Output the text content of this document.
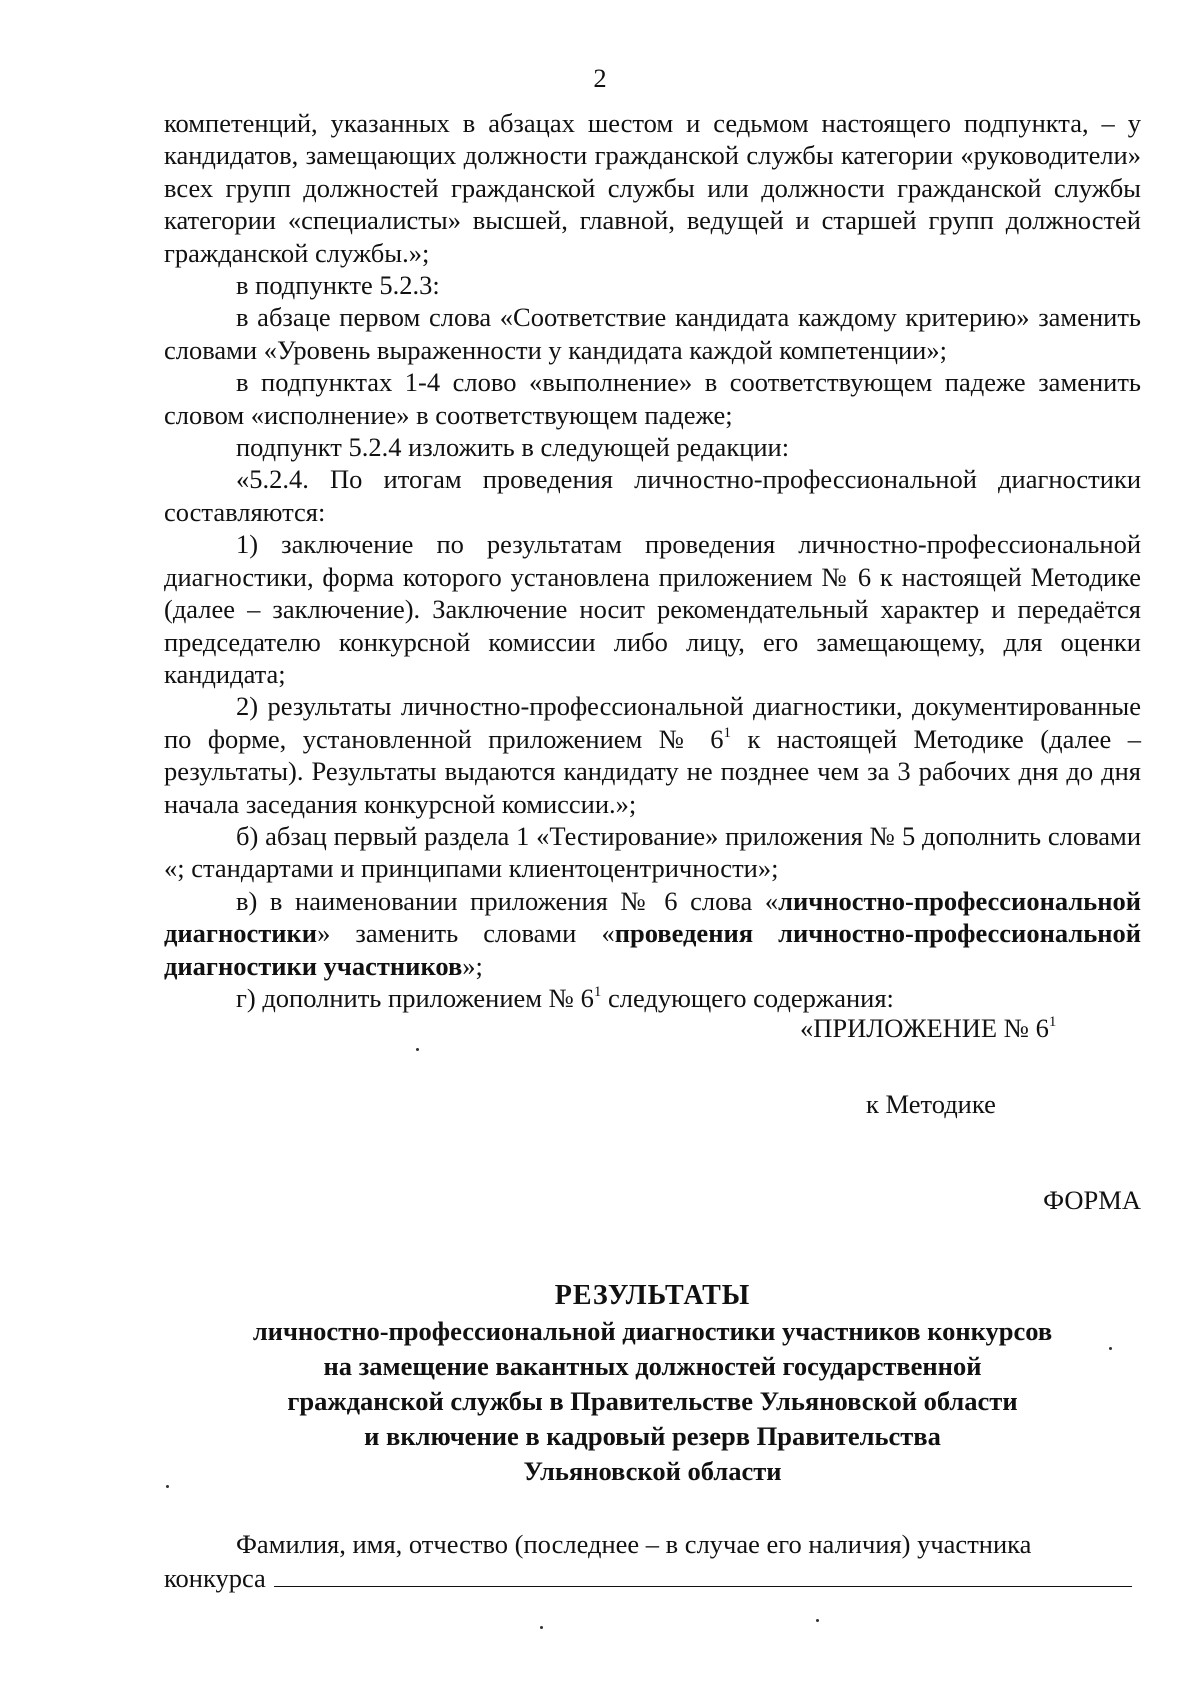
2

компетенций, указанных в абзацах шестом и седьмом настоящего подпункта, – у кандидатов, замещающих должности гражданской службы категории «руководители» всех групп должностей гражданской службы или должности гражданской службы категории «специалисты» высшей, главной, ведущей и старшей групп должностей гражданской службы.»;

в подпункте 5.2.3:

в абзаце первом слова «Соответствие кандидата каждому критерию» заменить словами «Уровень выраженности у кандидата каждой компетенции»;

в подпунктах 1-4 слово «выполнение» в соответствующем падеже заменить словом «исполнение» в соответствующем падеже;

подпункт 5.2.4 изложить в следующей редакции:

«5.2.4. По итогам проведения личностно-профессиональной диагностики составляются:

1) заключение по результатам проведения личностно-профессиональной диагностики, форма которого установлена приложением № 6 к настоящей Методике (далее – заключение). Заключение носит рекомендательный характер и передаётся председателю конкурсной комиссии либо лицу, его замещающему, для оценки кандидата;

2) результаты личностно-профессиональной диагностики, документированные по форме, установленной приложением № $6^1$ к настоящей Методике (далее – результаты). Результаты выдаются кандидату не позднее чем за 3 рабочих дня до дня начала заседания конкурсной комиссии.»;

б) абзац первый раздела 1 «Тестирование» приложения № 5 дополнить словами «; стандартами и принципами клиентоцентричности»;

в) в наименовании приложения № 6 слова «личностно-профессиональной диагностики» заменить словами «проведения личностно-профессиональной диагностики участников»;

г) дополнить приложением № $6^1$ следующего содержания:

«ПРИЛОЖЕНИЕ № $6^1$
к Методике
ФОРМА
РЕЗУЛЬТАТЫ
личностно-профессиональной диагностики участников конкурсов
на замещение вакантных должностей государственной
гражданской службы в Правительстве Ульяновской области
и включение в кадровый резерв Правительства
Ульяновской области

Фамилия, имя, отчество (последнее – в случае его наличия) участника

конкурса
